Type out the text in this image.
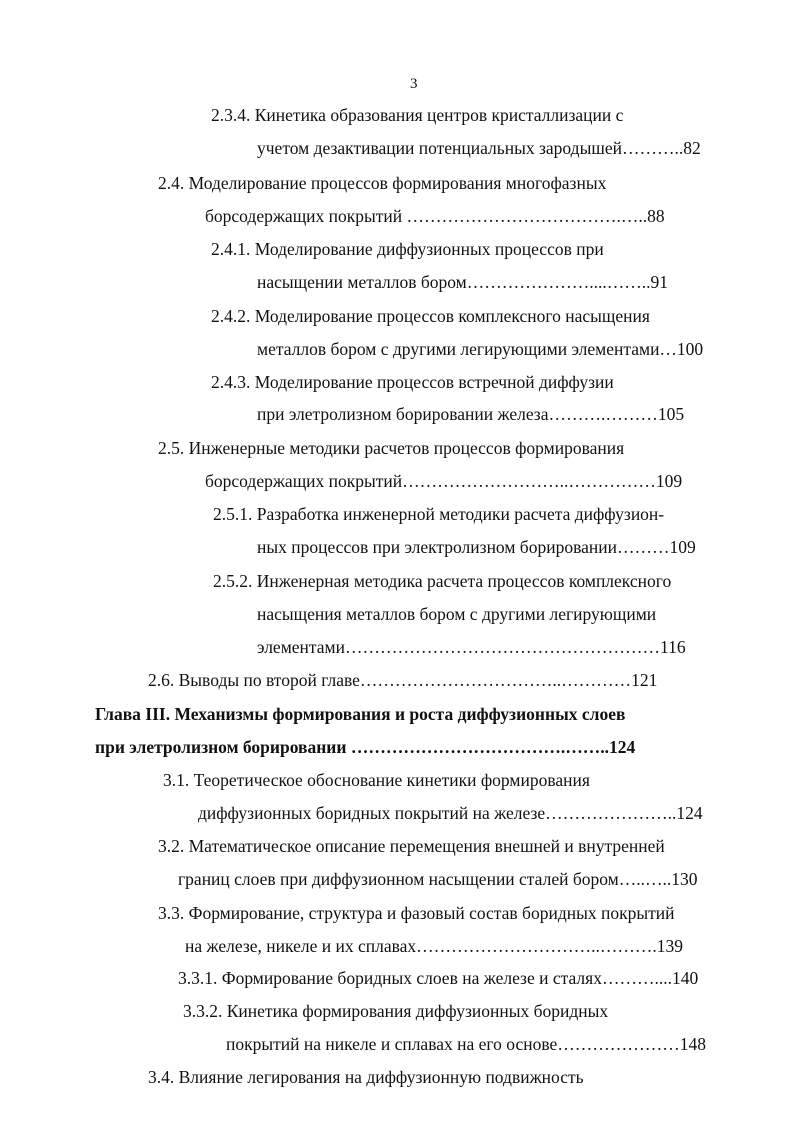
3
2.3.4. Кинетика образования центров кристаллизации с
учетом дезактивации потенциальных зародышей………..82
2.4. Моделирование процессов формирования многофазных
борсодержащих покрытий ……………………………….…..88
2.4.1. Моделирование диффузионных процессов при
насыщении металлов бором…………………....……..91
2.4.2. Моделирование процессов комплексного насыщения
металлов бором с другими легирующими элементами…100
2.4.3. Моделирование процессов встречной диффузии
при элетролизном борировании железа……….………105
2.5. Инженерные методики расчетов процессов формирования
борсодержащих покрытий………………………..……………109
2.5.1. Разработка инженерной методики расчета диффузион-
ных процессов при электролизном борировании………109
2.5.2. Инженерная методика расчета процессов комплексного
насыщения металлов бором с другими легирующими
элементами………………………………………………116
2.6. Выводы по второй главе……………………………..…………121
Глава III. Механизмы формирования и роста диффузионных слоев
при элетролизном борировании ……………………………….……..124
3.1. Теоретическое обоснование кинетики формирования
диффузионных боридных покрытий на железе…………………..124
3.2. Математическое описание перемещения внешней и внутренней
границ слоев при диффузионном насыщении сталей бором…..…..130
3.3. Формирование, структура и фазовый состав боридных покрытий
на железе, никеле и их сплавах…………………………..……….139
3.3.1. Формирование боридных слоев на железе и сталях………....140
3.3.2. Кинетика формирования диффузионных боридных
покрытий на никеле и сплавах на его основе…………………148
3.4. Влияние легирования на диффузионную подвижность
